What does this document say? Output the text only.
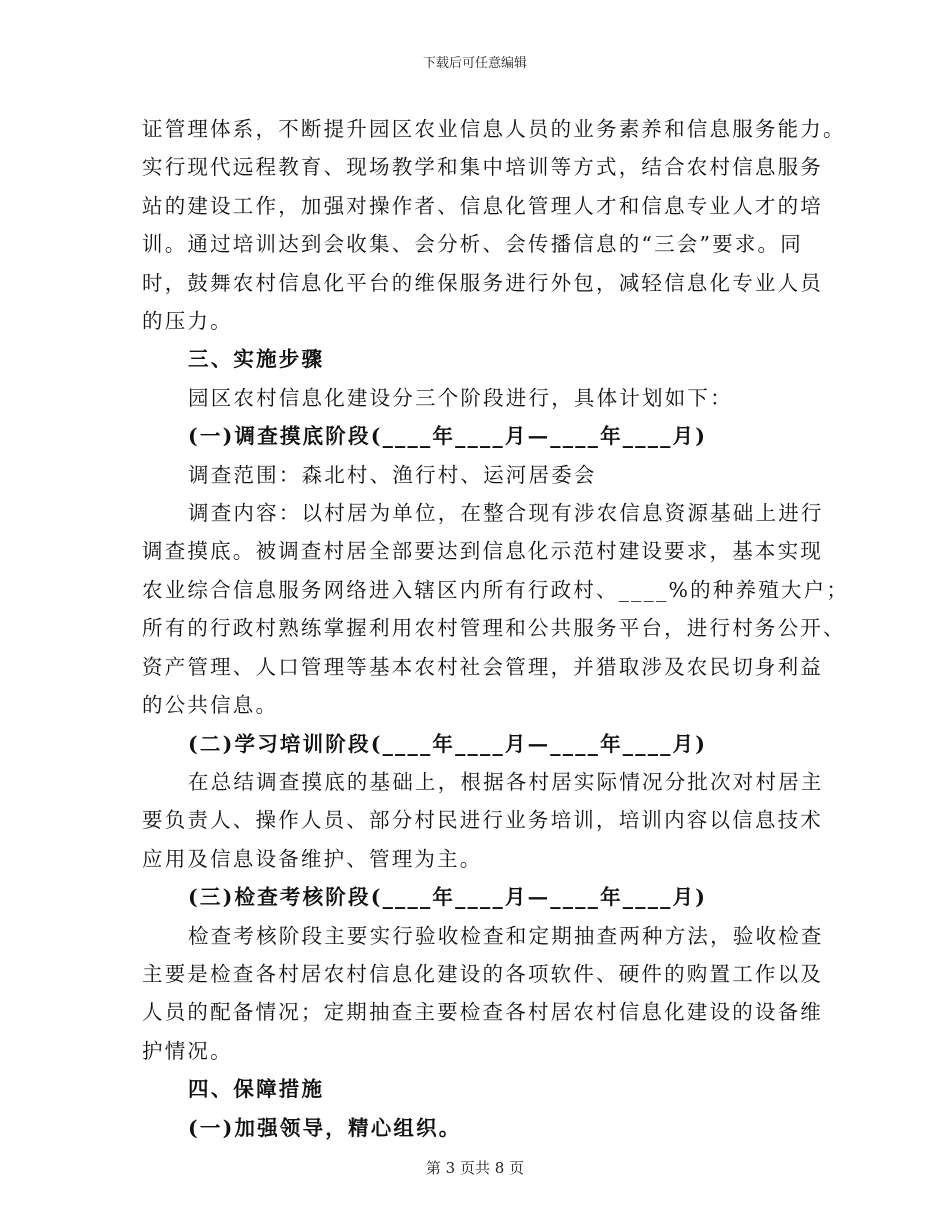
下载后可任意编辑

证管理体系，不断提升园区农业信息人员的业务素养和信息服务能力。

实行现代远程教育、现场教学和集中培训等方式，结合农村信息服务

站的建设工作，加强对操作者、信息化管理人才和信息专业人才的培

训。通过培训达到会收集、会分析、会传播信息的“三会”要求。同

时，鼓舞农村信息化平台的维保服务进行外包，减轻信息化专业人员

的压力。

三、实施步骤

园区农村信息化建设分三个阶段进行，具体计划如下：

(一)调查摸底阶段(____年____月—____年____月)

调查范围：森北村、渔行村、运河居委会

调查内容：以村居为单位，在整合现有涉农信息资源基础上进行

调查摸底。被调查村居全部要达到信息化示范村建设要求，基本实现

农业综合信息服务网络进入辖区内所有行政村、____%的种养殖大户；

所有的行政村熟练掌握利用农村管理和公共服务平台，进行村务公开、

资产管理、人口管理等基本农村社会管理，并猎取涉及农民切身利益

的公共信息。

(二)学习培训阶段(____年____月—____年____月)

在总结调查摸底的基础上，根据各村居实际情况分批次对村居主

要负责人、操作人员、部分村民进行业务培训，培训内容以信息技术

应用及信息设备维护、管理为主。

(三)检查考核阶段(____年____月—____年____月)

检查考核阶段主要实行验收检查和定期抽查两种方法，验收检查

主要是检查各村居农村信息化建设的各项软件、硬件的购置工作以及

人员的配备情况；定期抽查主要检查各村居农村信息化建设的设备维

护情况。

四、保障措施

(一)加强领导，精心组织。

第 3 页共 8 页
